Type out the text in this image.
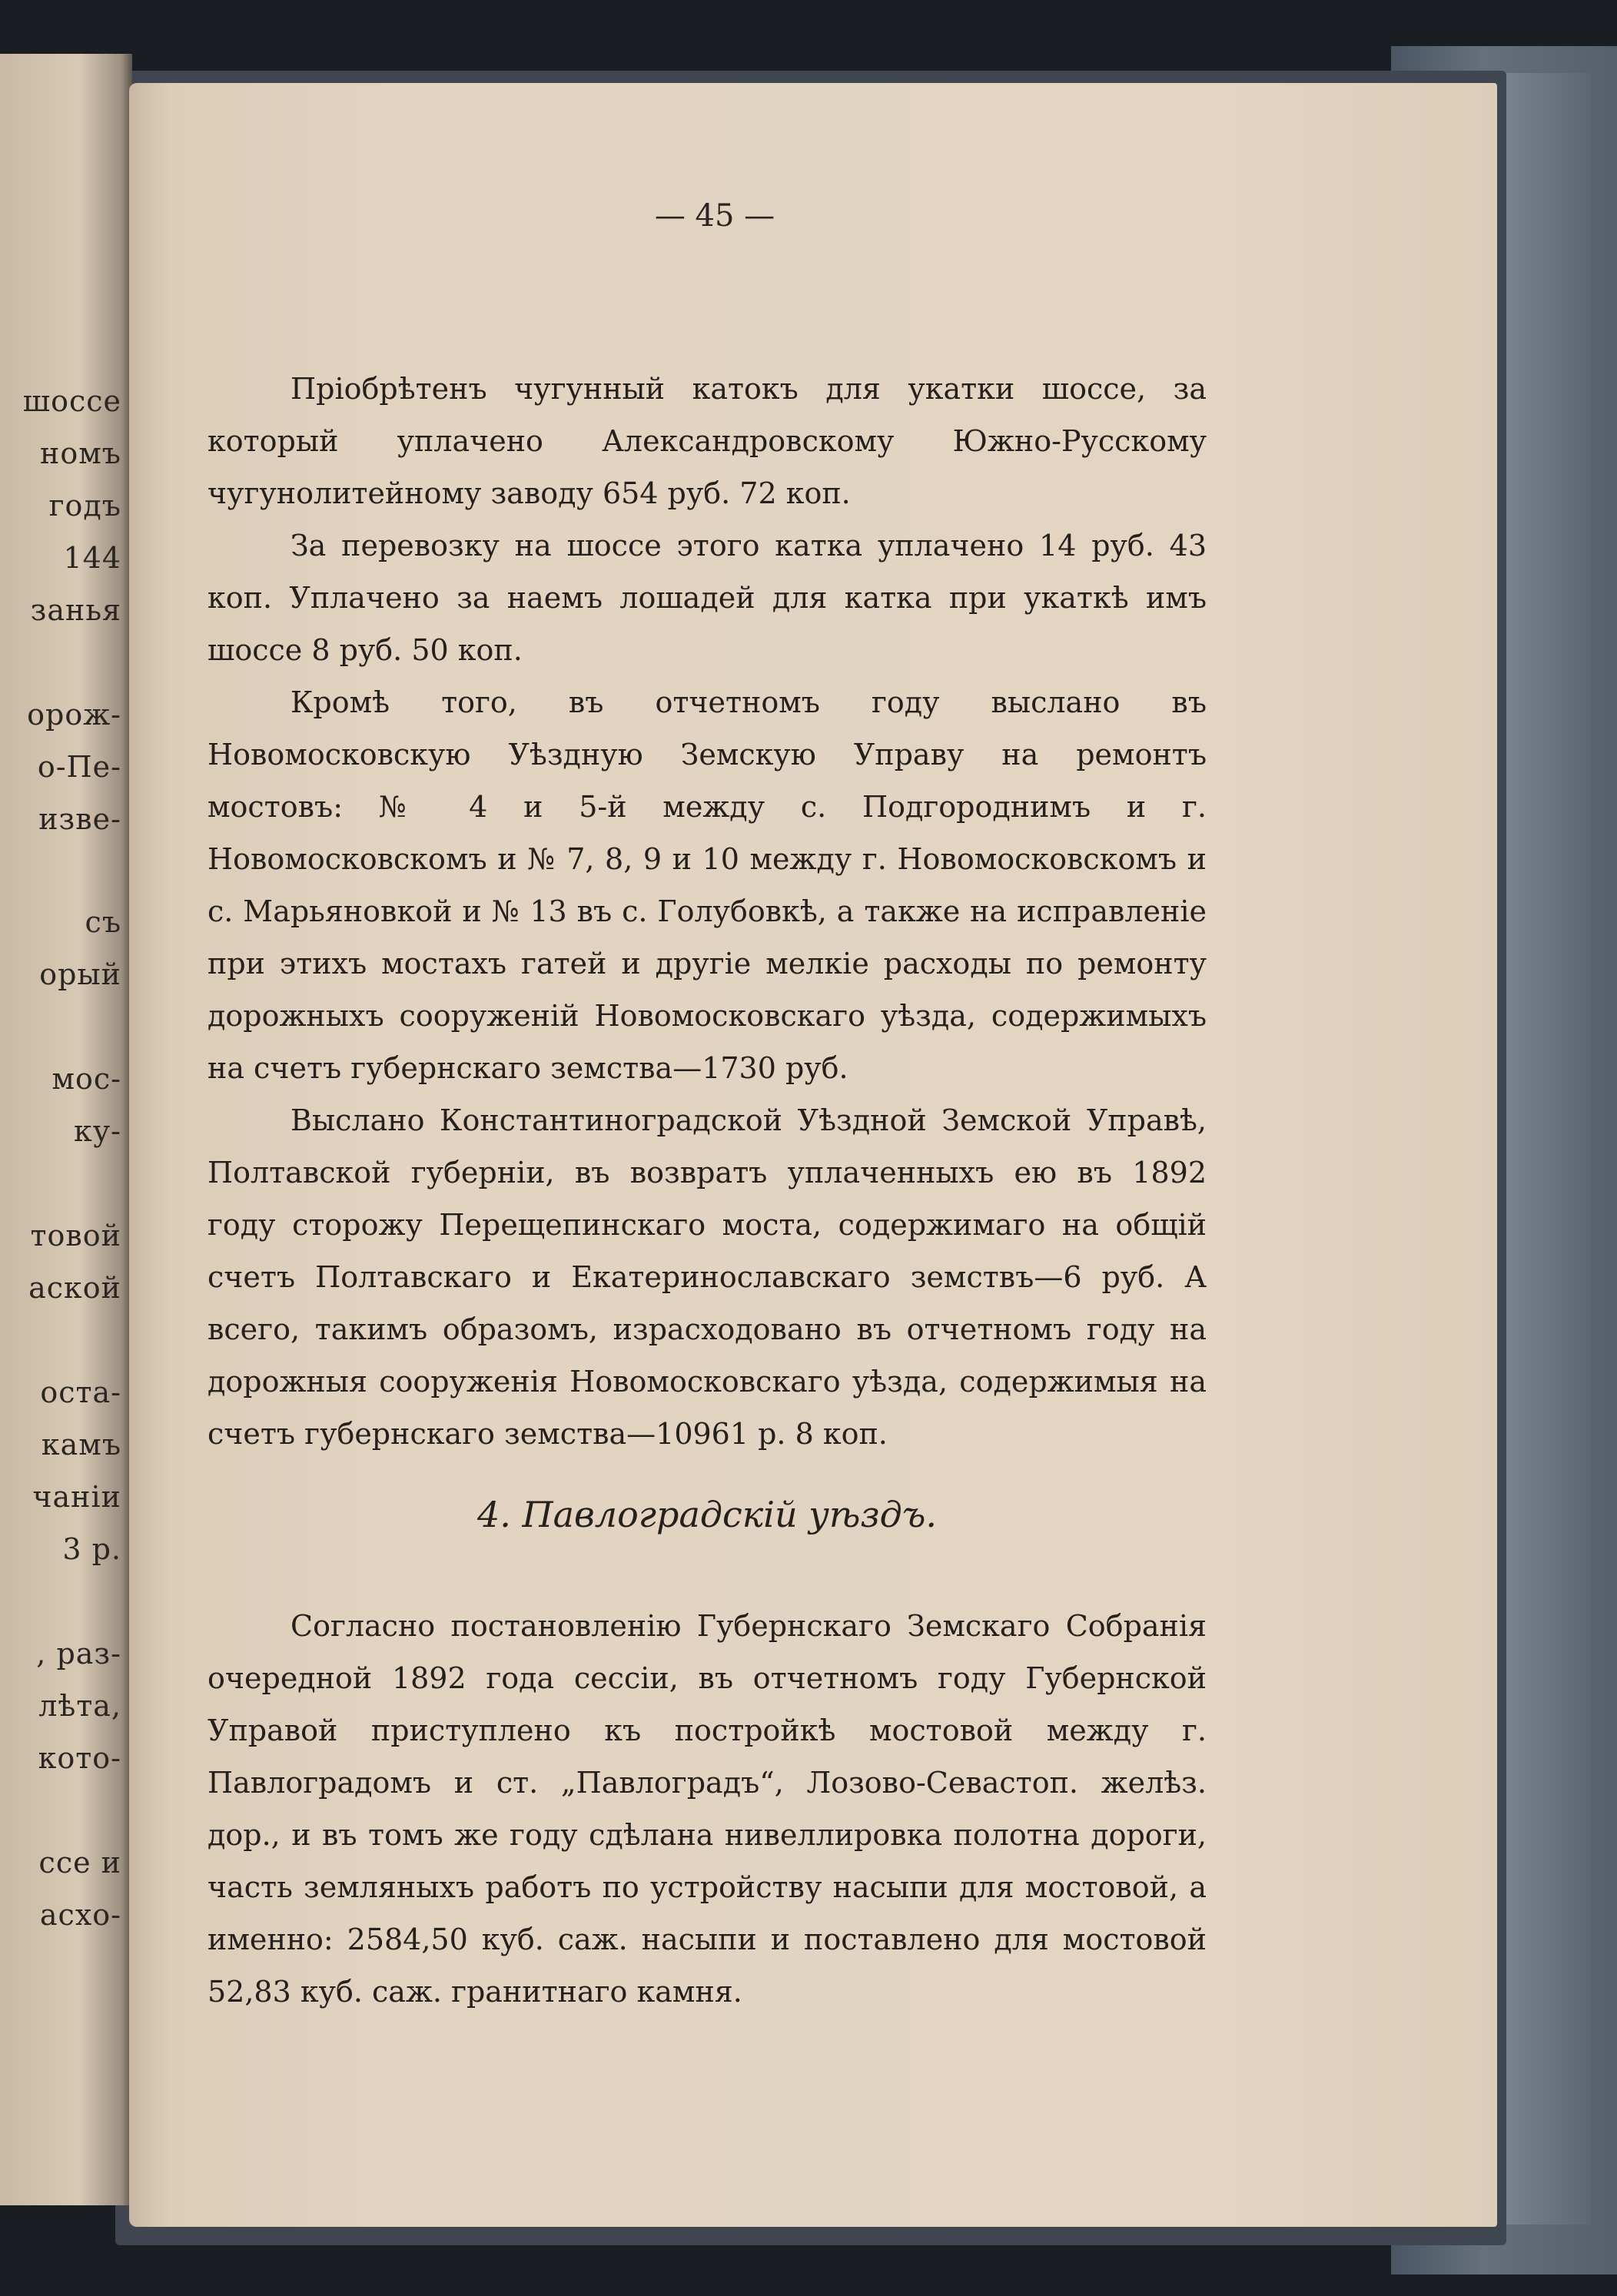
шоссе
номъ
годъ
144
занья
орож-
о-Пе-
изве-
съ
орый
мос-
ку-
товой
аской
оста-
камъ
чаніи
3 р.
, раз-
лѣта,
кото-
ссе и
асхо-
— 45 —

Пріобрѣтенъ чугунный катокъ для укатки шоссе, за который уплачено Александровскому Южно-Русскому чугунолитейному заводу 654 руб. 72 коп.

За перевозку на шоссе этого катка уплачено 14 руб. 43 коп. Уплачено за наемъ лошадей для катка при укаткѣ имъ шоссе 8 руб. 50 коп.

Кромѣ того, въ отчетномъ году выслано въ Новомосковскую Уѣздную Земскую Управу на ремонтъ мостовъ: № 4 и 5-й между с. Подгороднимъ и г. Новомосковскомъ и № 7, 8, 9 и 10 между г. Новомосковскомъ и с. Марьяновкой и № 13 въ с. Голубовкѣ, а также на исправленіе при этихъ мостахъ гатей и другіе мелкіе расходы по ремонту дорожныхъ сооруженій Новомосковскаго уѣзда, содержимыхъ на счетъ губернскаго земства—1730 руб.

Выслано Константиноградской Уѣздной Земской Управѣ, Полтавской губерніи, въ возвратъ уплаченныхъ ею въ 1892 году сторожу Перещепинскаго моста, содержимаго на общій счетъ Полтавскаго и Екатеринославскаго земствъ—6 руб. А всего, такимъ образомъ, израсходовано въ отчетномъ году на дорожныя сооруженія Новомосковскаго уѣзда, содержимыя на счетъ губернскаго земства—10961 р. 8 коп.

4. Павлоградскій уѣздъ.

Согласно постановленію Губернскаго Земскаго Собранія очередной 1892 года сессіи, въ отчетномъ году Губернской Управой приступлено къ постройкѣ мостовой между г. Павлоградомъ и ст. „Павлоградъ“, Лозово-Севастоп. желѣз. дор., и въ томъ же году сдѣлана нивеллировка полотна дороги, часть земляныхъ работъ по устройству насыпи для мостовой, а именно: 2584,50 куб. саж. насыпи и поставлено для мостовой 52,83 куб. саж. гранитнаго камня.
